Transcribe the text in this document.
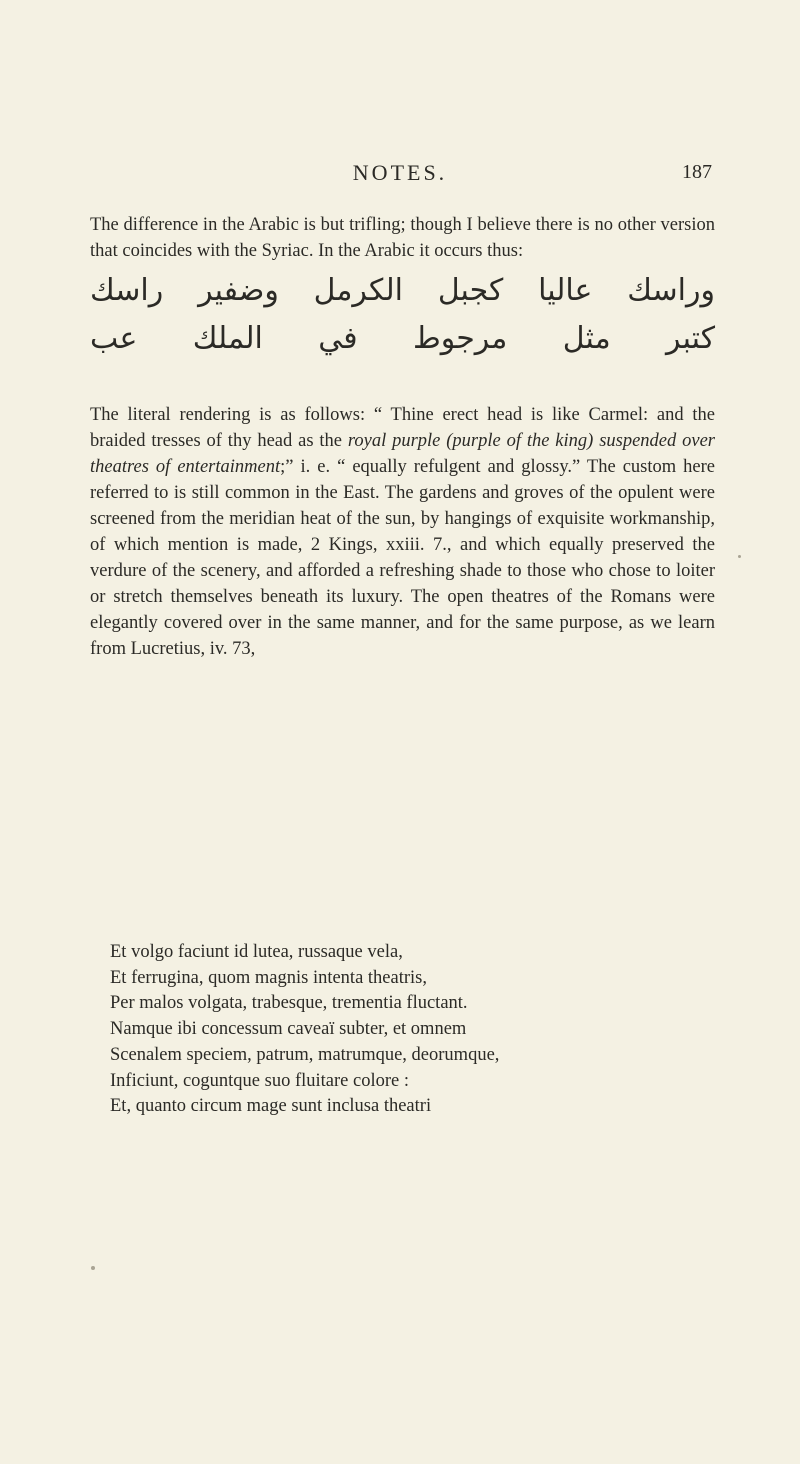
NOTES.	187

The difference in the Arabic is but trifling; though I believe there is no other version that coincides with the Syriac. In the Arabic it occurs thus:

وراسك عاليا كجبل الكرمل وضفير راسك
كتبر مثل مرجوط في الملك عب

The literal rendering is as follows: “ Thine erect head is like Carmel: and the braided tresses of thy head as the royal purple (purple of the king) suspended over theatres of entertainment;” i. e. “ equally refulgent and glossy.” The custom here referred to is still common in the East. The gardens and groves of the opulent were screened from the meridian heat of the sun, by hangings of exquisite workmanship, of which mention is made, 2 Kings, xxiii. 7., and which equally preserved the verdure of the scenery, and afforded a refreshing shade to those who chose to loiter or stretch themselves beneath its luxury. The open theatres of the Romans were elegantly covered over in the same manner, and for the same purpose, as we learn from Lucretius, iv. 73,

Et volgo faciunt id lutea, russaque vela,
Et ferrugina, quom magnis intenta theatris,
Per malos volgata, trabesque, trementia fluctant.
Namque ibi concessum caveaï subter, et omnem
Scenalem speciem, patrum, matrumque, deorumque,
Inficiunt, coguntque suo fluitare colore :
Et, quanto circum mage sunt inclusa theatri
